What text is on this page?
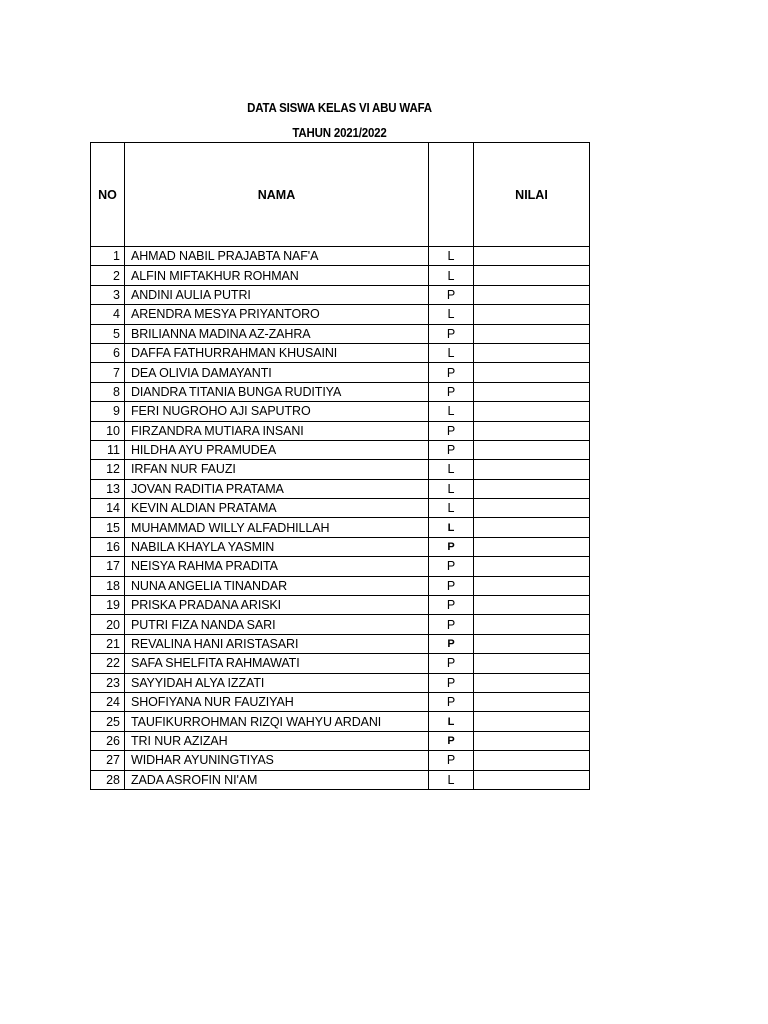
DATA SISWA KELAS VI ABU WAFA
TAHUN 2021/2022
NO	NAMA		NILAI
1	AHMAD NABIL PRAJABTA NAF'A	L	
2	ALFIN MIFTAKHUR ROHMAN	L	
3	ANDINI AULIA PUTRI	P	
4	ARENDRA MESYA PRIYANTORO	L	
5	BRILIANNA MADINA AZ-ZAHRA	P	
6	DAFFA FATHURRAHMAN KHUSAINI	L	
7	DEA OLIVIA DAMAYANTI	P	
8	DIANDRA TITANIA BUNGA RUDITIYA	P	
9	FERI NUGROHO AJI SAPUTRO	L	
10	FIRZANDRA MUTIARA INSANI	P	
11	HILDHA AYU PRAMUDEA	P	
12	IRFAN NUR FAUZI	L	
13	JOVAN RADITIA PRATAMA	L	
14	KEVIN ALDIAN PRATAMA	L	
15	MUHAMMAD WILLY ALFADHILLAH	L	
16	NABILA KHAYLA YASMIN	P	
17	NEISYA RAHMA PRADITA	P	
18	NUNA ANGELIA TINANDAR	P	
19	PRISKA PRADANA ARISKI	P	
20	PUTRI FIZA NANDA SARI	P	
21	REVALINA HANI ARISTASARI	P	
22	SAFA SHELFITA RAHMAWATI	P	
23	SAYYIDAH ALYA IZZATI	P	
24	SHOFIYANA NUR FAUZIYAH	P	
25	TAUFIKURROHMAN RIZQI WAHYU ARDANI	L	
26	TRI NUR AZIZAH	P	
27	WIDHAR AYUNINGTIYAS	P	
28	ZADA ASROFIN NI'AM	L	
